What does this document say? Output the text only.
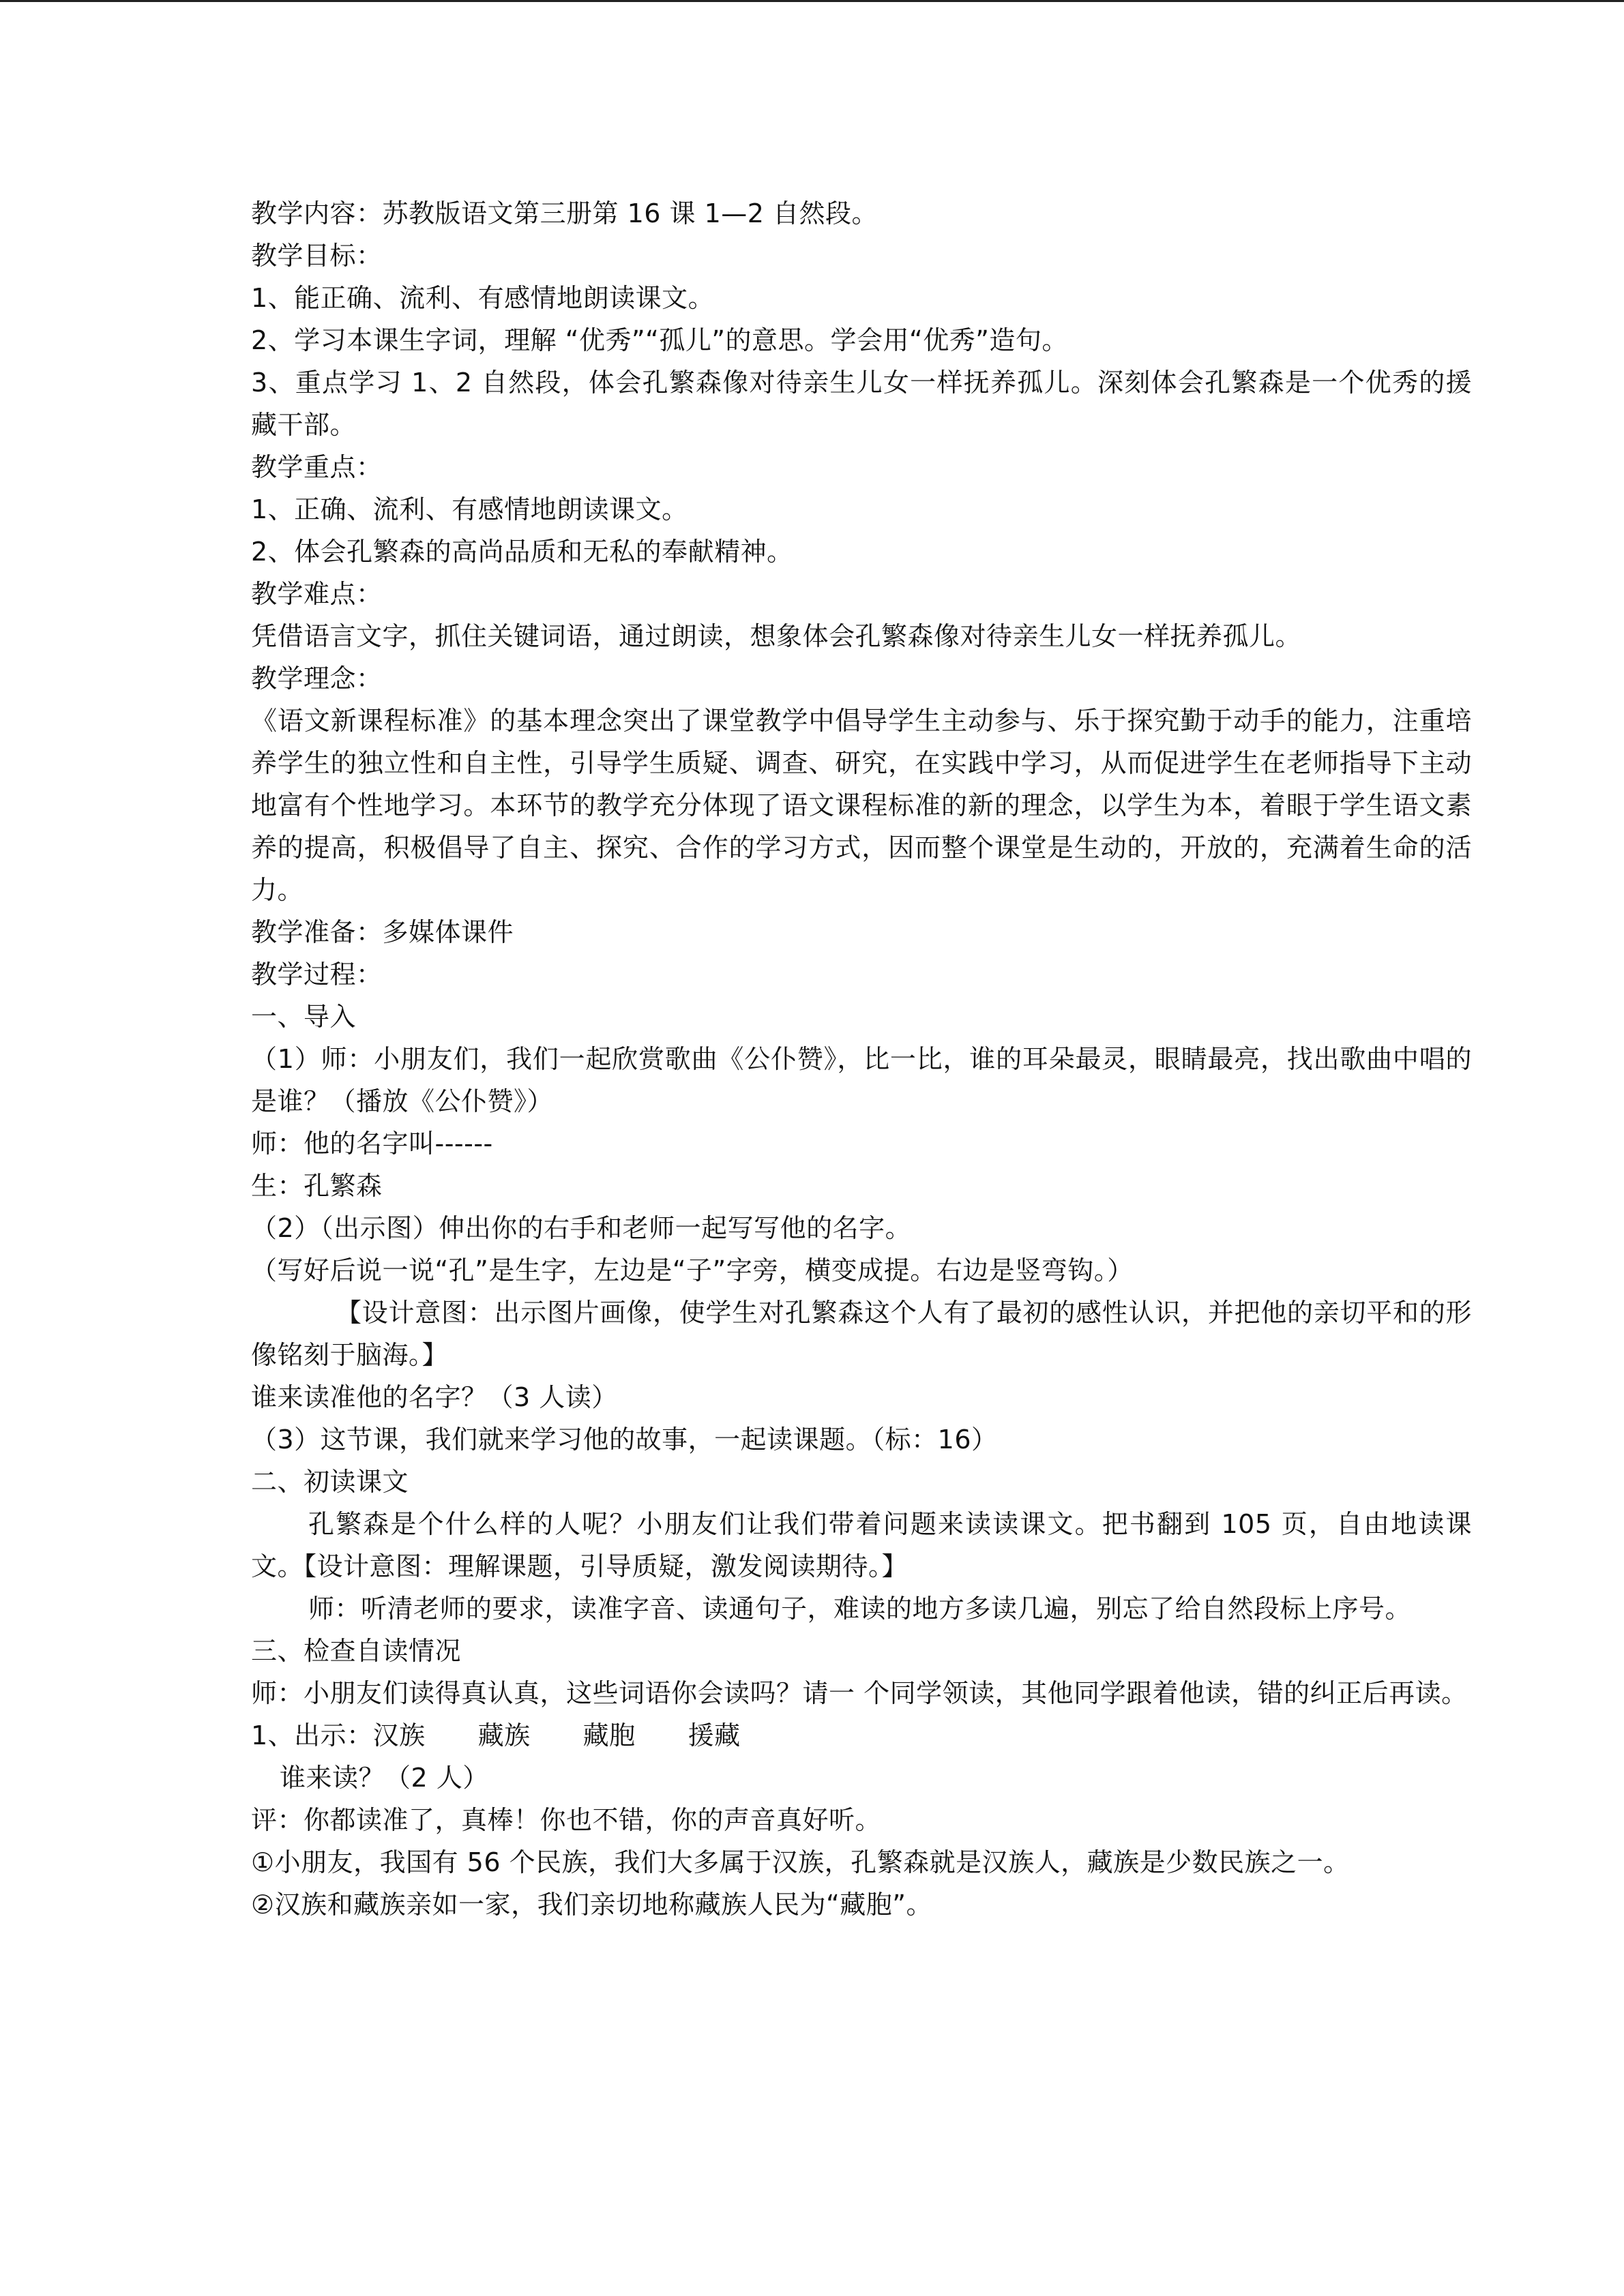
教学内容：苏教版语文第三册第 16 课 1—2 自然段。
教学目标：
1、能正确、流利、有感情地朗读课文。
2、学习本课生字词，理解 “优秀”“孤儿”的意思。学会用“优秀”造句。
3、重点学习 1、2 自然段，体会孔繁森像对待亲生儿女一样抚养孤儿。深刻体会孔繁森是一个优秀的援藏干部。
教学重点：
1、正确、流利、有感情地朗读课文。
2、体会孔繁森的高尚品质和无私的奉献精神。
教学难点：
凭借语言文字，抓住关键词语，通过朗读，想象体会孔繁森像对待亲生儿女一样抚养孤儿。
教学理念：
《语文新课程标准》的基本理念突出了课堂教学中倡导学生主动参与、乐于探究勤于动手的能力，注重培养学生的独立性和自主性，引导学生质疑、调查、研究，在实践中学习，从而促进学生在老师指导下主动地富有个性地学习。本环节的教学充分体现了语文课程标准的新的理念，以学生为本，着眼于学生语文素养的提高，积极倡导了自主、探究、合作的学习方式，因而整个课堂是生动的，开放的，充满着生命的活力。
教学准备：多媒体课件
教学过程：
一、导入
（1）师：小朋友们，我们一起欣赏歌曲《公仆赞》，比一比，谁的耳朵最灵，眼睛最亮，找出歌曲中唱的是谁？（播放《公仆赞》）
师：他的名字叫------
生：孔繁森
（2）（出示图）伸出你的右手和老师一起写写他的名字。
（写好后说一说“孔”是生字，左边是“子”字旁，横变成提。右边是竖弯钩。）
【设计意图：出示图片画像，使学生对孔繁森这个人有了最初的感性认识，并把他的亲切平和的形像铭刻于脑海。】
谁来读准他的名字？（3 人读）
（3）这节课，我们就来学习他的故事，一起读课题。（标：16）
二、初读课文
孔繁森是个什么样的人呢？小朋友们让我们带着问题来读读课文。把书翻到 105 页，自由地读课文。【设计意图：理解课题，引导质疑，激发阅读期待。】
师：听清老师的要求，读准字音、读通句子，难读的地方多读几遍，别忘了给自然段标上序号。
三、检查自读情况
师：小朋友们读得真认真，这些词语你会读吗？请一 个同学领读，其他同学跟着他读，错的纠正后再读。
1、出示：汉族　　藏族　　藏胞　　援藏
谁来读？（2 人）
评：你都读准了，真棒！你也不错，你的声音真好听。
①小朋友，我国有 56 个民族，我们大多属于汉族，孔繁森就是汉族人，藏族是少数民族之一。
②汉族和藏族亲如一家，我们亲切地称藏族人民为“藏胞”。
